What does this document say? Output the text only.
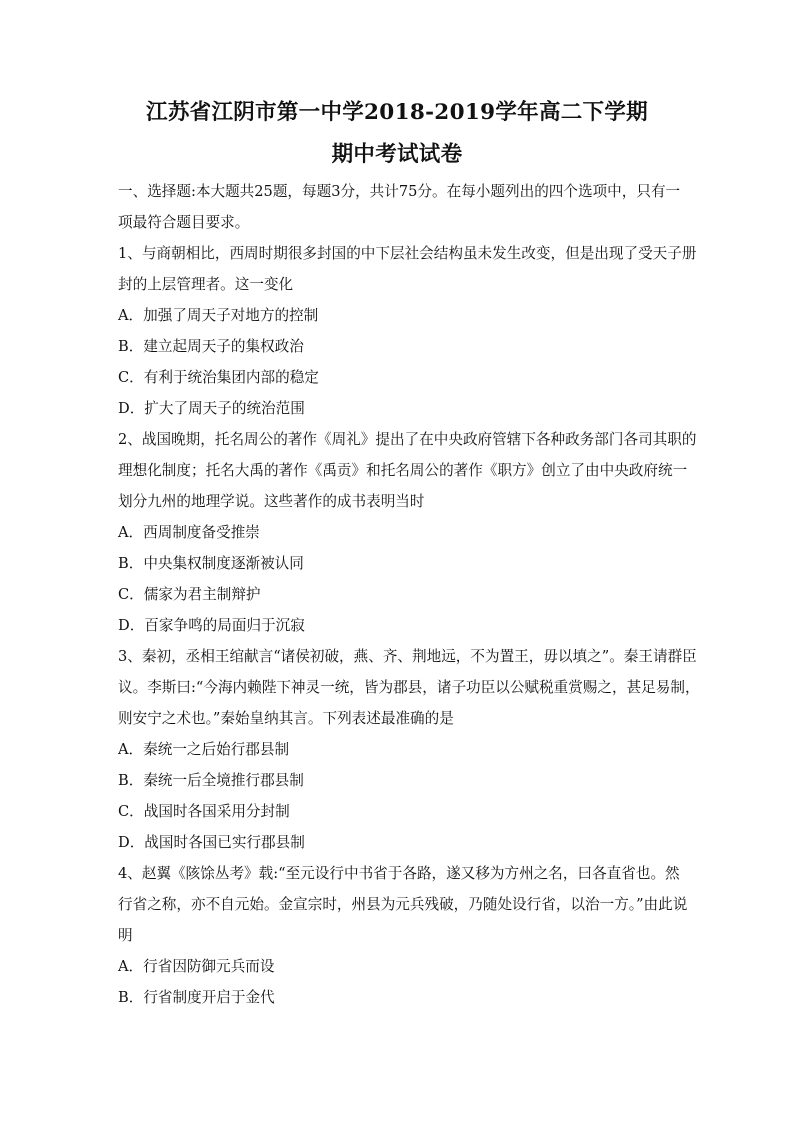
江苏省江阴市第一中学2018-2019学年高二下学期
期中考试试卷

一、选择题:本大题共25题，每题3分，共计75分。在每小题列出的四个选项中，只有一

项最符合题目要求。

1、与商朝相比，西周时期很多封国的中下层社会结构虽未发生改变，但是出现了受天子册

封的上层管理者。这一变化

A．加强了周天子对地方的控制

B．建立起周天子的集权政治

C．有利于统治集团内部的稳定

D．扩大了周天子的统治范围

2、战国晚期，托名周公的著作《周礼》提出了在中央政府管辖下各种政务部门各司其职的

理想化制度；托名大禹的著作《禹贡》和托名周公的著作《职方》创立了由中央政府统一

划分九州的地理学说。这些著作的成书表明当时

A．西周制度备受推崇

B．中央集权制度逐渐被认同

C．儒家为君主制辩护

D．百家争鸣的局面归于沉寂

3、秦初，丞相王绾献言“诸侯初破，燕、齐、荆地远，不为置王，毋以填之”。秦王请群臣

议。李斯曰:“今海内赖陛下神灵一统，皆为郡县，诸子功臣以公赋税重赏赐之，甚足易制，

则安宁之术也。”秦始皇纳其言。下列表述最准确的是

A．秦统一之后始行郡县制

B．秦统一后全境推行郡县制

C．战国时各国采用分封制

D．战国时各国已实行郡县制

4、赵翼《陔馀丛考》载:“至元设行中书省于各路，遂又移为方州之名，曰各直省也。然

行省之称，亦不自元始。金宣宗时，州县为元兵残破，乃随处设行省，以治一方。”由此说

明

A．行省因防御元兵而设

B．行省制度开启于金代
